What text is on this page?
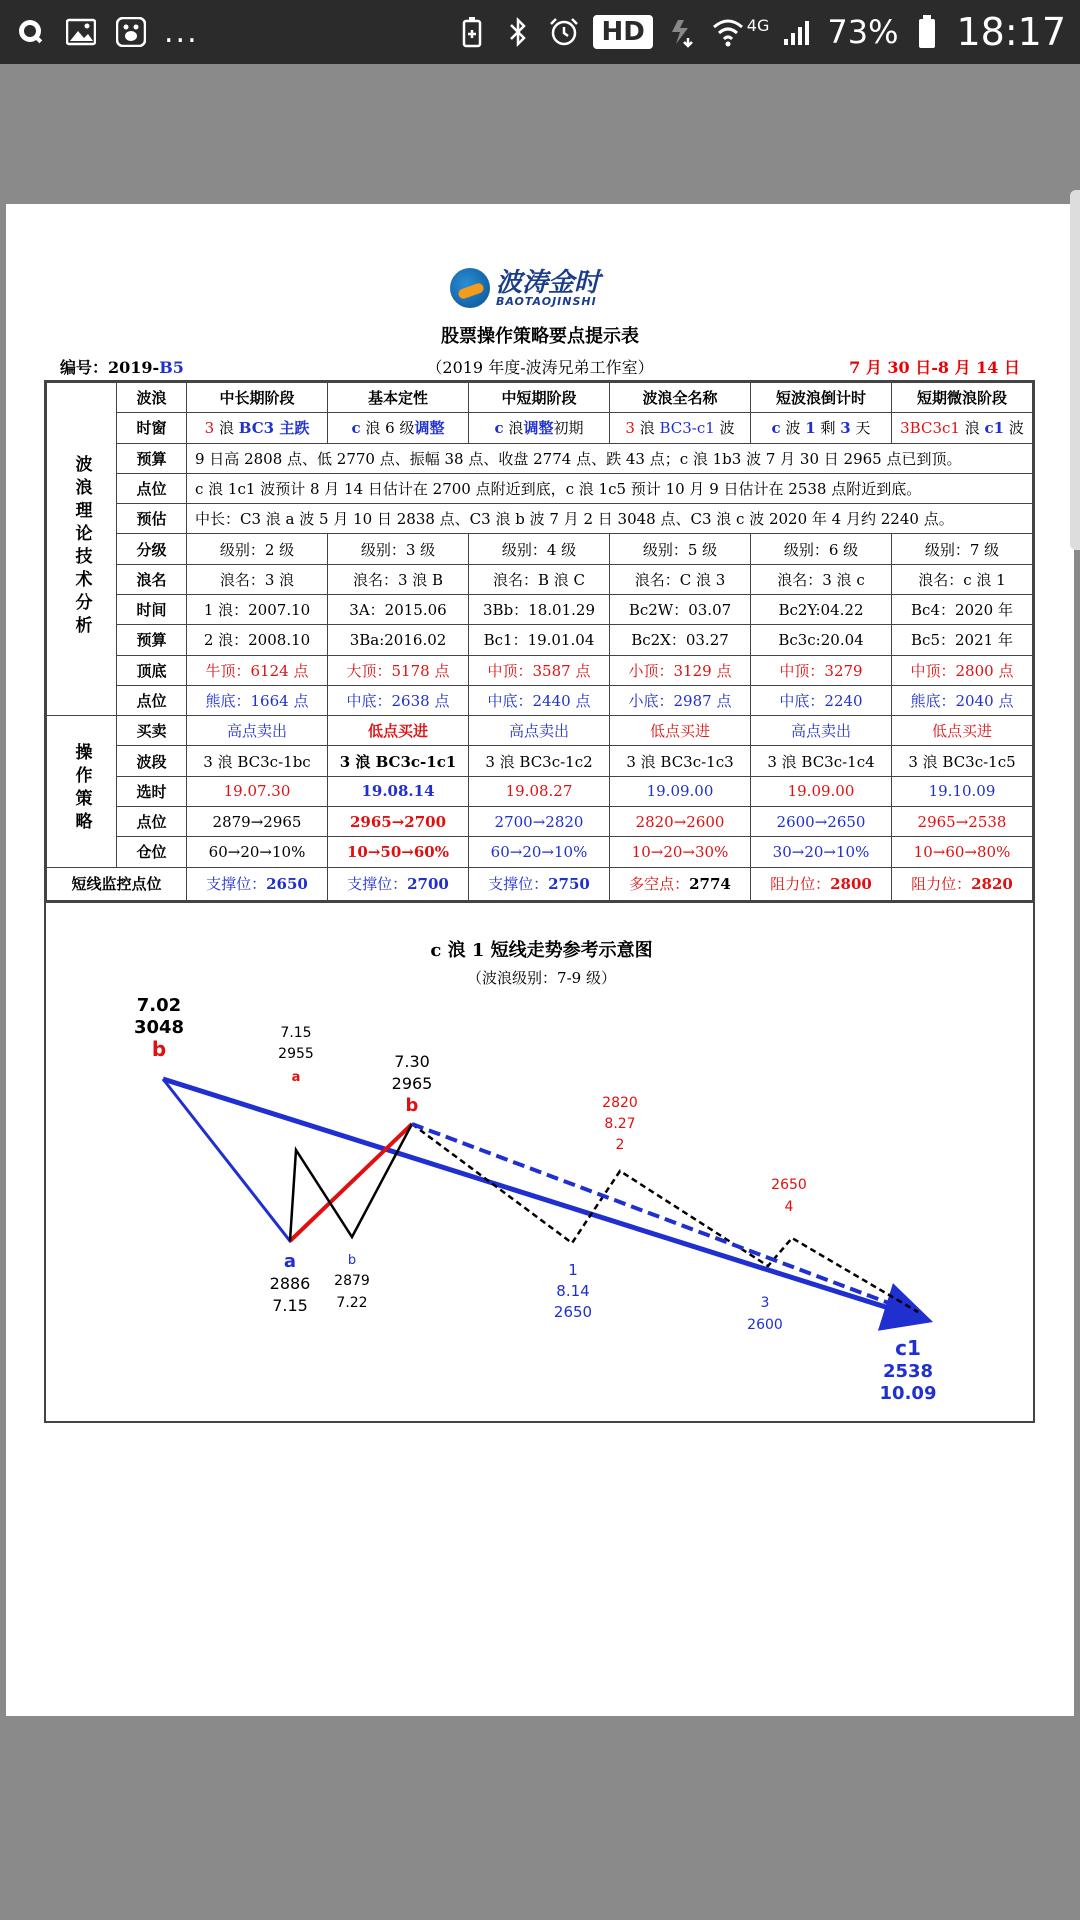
...	HD	4G 73% 18:17
波涛金时
BAOTAOJINSHI
股票操作策略要点提示表
（2019 年度-波涛兄弟工作室）
编号：2019-B5	7 月 30 日-8 月 14 日
波浪理论技术分析	波浪	中长期阶段	基本定性	中短期阶段	波浪全名称	短波浪倒计时	短期微浪阶段
	时窗	3 浪 BC3 主跌	c 浪 6 级调整	c 浪调整初期	3 浪 BC3-c1 波	c 波 1 剩 3 天	3BC3c1 浪 c1 波
	预算	9 日高 2808 点、低 2770 点、振幅 38 点、收盘 2774 点、跌 43 点；c 浪 1b3 波 7 月 30 日 2965 点已到顶。					
	点位	c 浪 1c1 波预计 8 月 14 日估计在 2700 点附近到底，c 浪 1c5 预计 10 月 9 日估计在 2538 点附近到底。					
	预估	中长：C3 浪 a 波 5 月 10 日 2838 点、C3 浪 b 波 7 月 2 日 3048 点、C3 浪 c 波 2020 年 4 月约 2240 点。					
	分级	级别：2 级	级别：3 级	级别：4 级	级别：5 级	级别：6 级	级别：7 级
	浪名	浪名：3 浪	浪名：3 浪 B	浪名：B 浪 C	浪名：C 浪 3	浪名：3 浪 c	浪名：c 浪 1
	时间	1 浪：2007.10	3A：2015.06	3Bb：18.01.29	Bc2W：03.07	Bc2Y:04.22	Bc4：2020 年
	预算	2 浪：2008.10	3Ba:2016.02	Bc1：19.01.04	Bc2X：03.27	Bc3c:20.04	Bc5：2021 年
	顶底	牛顶：6124 点	大顶：5178 点	中顶：3587 点	小顶：3129 点	中顶：3279	中顶：2800 点
	点位	熊底：1664 点	中底：2638 点	中底：2440 点	小底：2987 点	中底：2240	熊底：2040 点
操作策略	买卖	高点卖出	低点买进	高点卖出	低点买进	高点卖出	低点买进
	波段	3 浪 BC3c-1bc	3 浪 BC3c-1c1	3 浪 BC3c-1c2	3 浪 BC3c-1c3	3 浪 BC3c-1c4	3 浪 BC3c-1c5
	选时	19.07.30	19.08.14	19.08.27	19.09.00	19.09.00	19.10.09
	点位	2879→2965	2965→2700	2700→2820	2820→2600	2600→2650	2965→2538
	仓位	60→20→10%	10→50→60%	60→20→10%	10→20→30%	30→20→10%	10→60→80%
短线监控点位		支撑位：2650	支撑位：2700	支撑位：2750	多空点：2774	阻力位：2800	阻力位：2820
c 浪 1 短线走势参考示意图
（波浪级别：7-9 级）
7.02
3048
b
7.15
2955
a
7.30
2965
b
a
2886
7.15
b
2879
7.22
1
8.14
2650
2820
8.27
2
3
2600
2650
4
c1
2538
10.09
